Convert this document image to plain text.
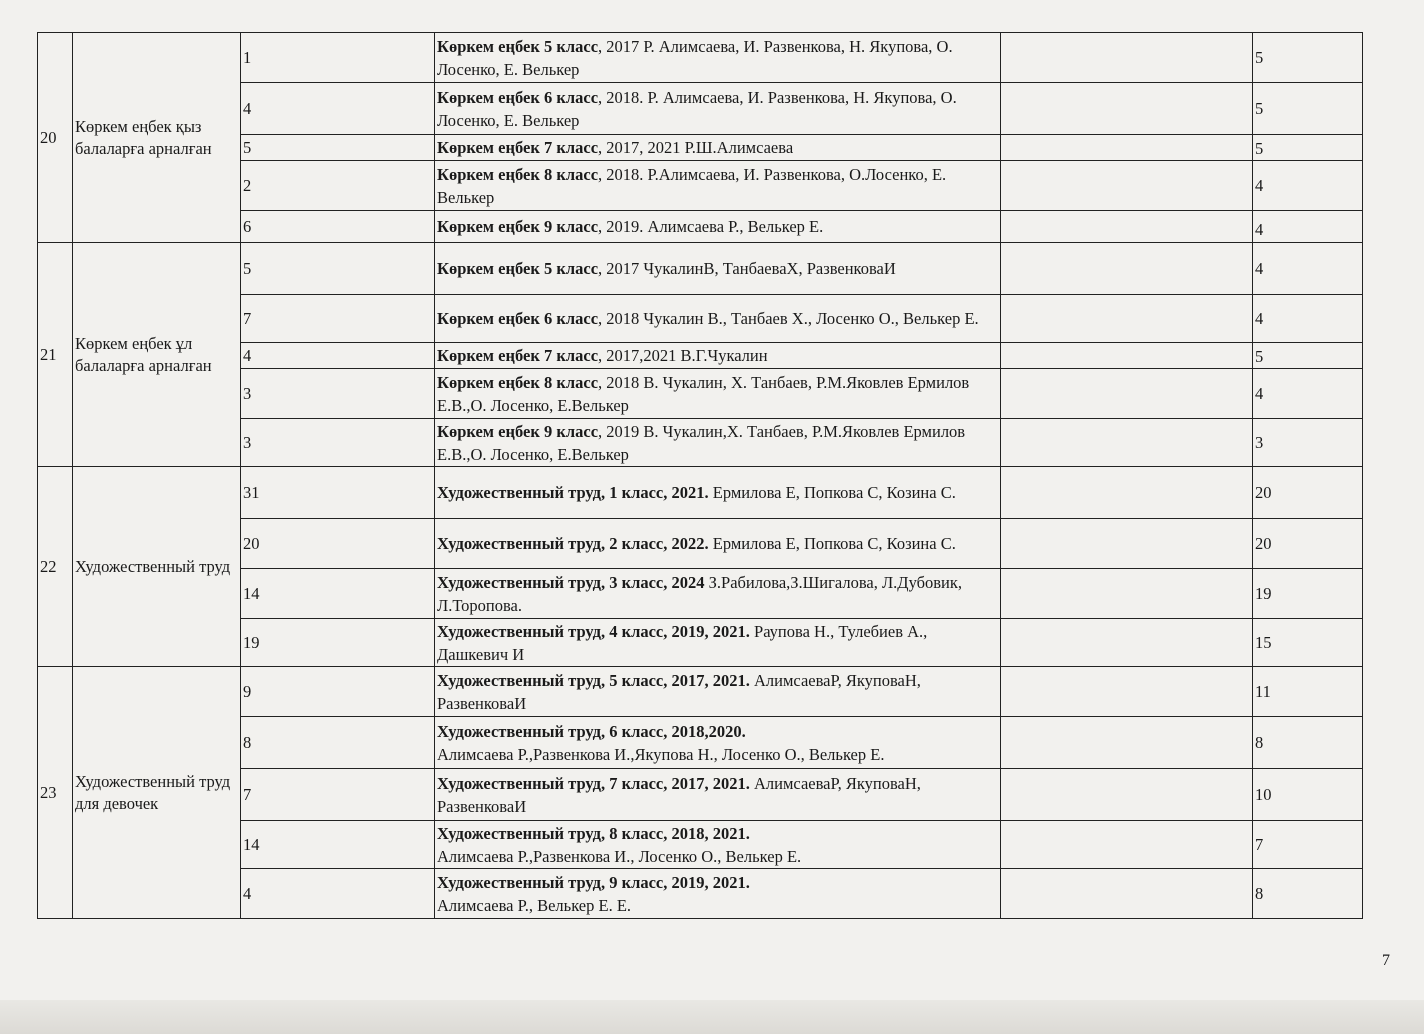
20	Көркем еңбек қыз балаларға арналған	1	Көркем еңбек 5 класс, 2017 Р. Алимсаева, И. Развенкова, Н. Якупова, О. Лосенко, Е. Велькер		5
		4	Көркем еңбек 6 класс, 2018. Р. Алимсаева, И. Развенкова, Н. Якупова, О. Лосенко, Е. Велькер		5
		5	Көркем еңбек 7 класс, 2017, 2021 Р.Ш.Алимсаева		5
		2	Көркем еңбек 8 класс, 2018. Р.Алимсаева, И. Развенкова, О.Лосенко, Е. Велькер		4
		6	Көркем еңбек 9 класс, 2019. Алимсаева Р., Велькер Е.		4
21	Көркем еңбек ұл балаларға арналған	5	Көркем еңбек 5 класс, 2017 ЧукалинВ, ТанбаеваХ, РазвенковаИ		4
		7	Көркем еңбек 6 класс, 2018 Чукалин В., Танбаев Х., Лосенко О., Велькер Е.		4
		4	Көркем еңбек 7 класс, 2017,2021 В.Г.Чукалин		5
		3	Көркем еңбек 8 класс, 2018 В. Чукалин, Х. Танбаев, Р.М.Яковлев Ермилов Е.В.,О. Лосенко, Е.Велькер		4
		3	Көркем еңбек 9 класс, 2019 В. Чукалин,Х. Танбаев, Р.М.Яковлев Ермилов Е.В.,О. Лосенко, Е.Велькер		3
22	Художественный труд	31	Художественный труд, 1 класс, 2021. Ермилова Е, Попкова С, Козина С.		20
		20	Художественный труд, 2 класс, 2022. Ермилова Е, Попкова С, Козина С.		20
		14	Художественный труд, 3 класс, 2024 З.Рабилова,З.Шигалова, Л.Дубовик, Л.Торопова.		19
		19	Художественный труд, 4 класс, 2019, 2021. Раупова Н., Тулебиев А., Дашкевич И		15
23	Художественный труд для девочек	9	Художественный труд, 5 класс, 2017, 2021. АлимсаеваР, ЯкуповаН, РазвенковаИ		11
		8	Художественный труд, 6 класс, 2018,2020.
Алимсаева Р.,Развенкова И.,Якупова Н., Лосенко О., Велькер Е.		8
		7	Художественный труд, 7 класс, 2017, 2021. АлимсаеваР, ЯкуповаН, РазвенковаИ		10
		14	Художественный труд, 8 класс, 2018, 2021.
Алимсаева Р.,Развенкова И., Лосенко О., Велькер Е.		7
		4	Художественный труд, 9 класс, 2019, 2021.
Алимсаева Р., Велькер Е. Е.		8
7
